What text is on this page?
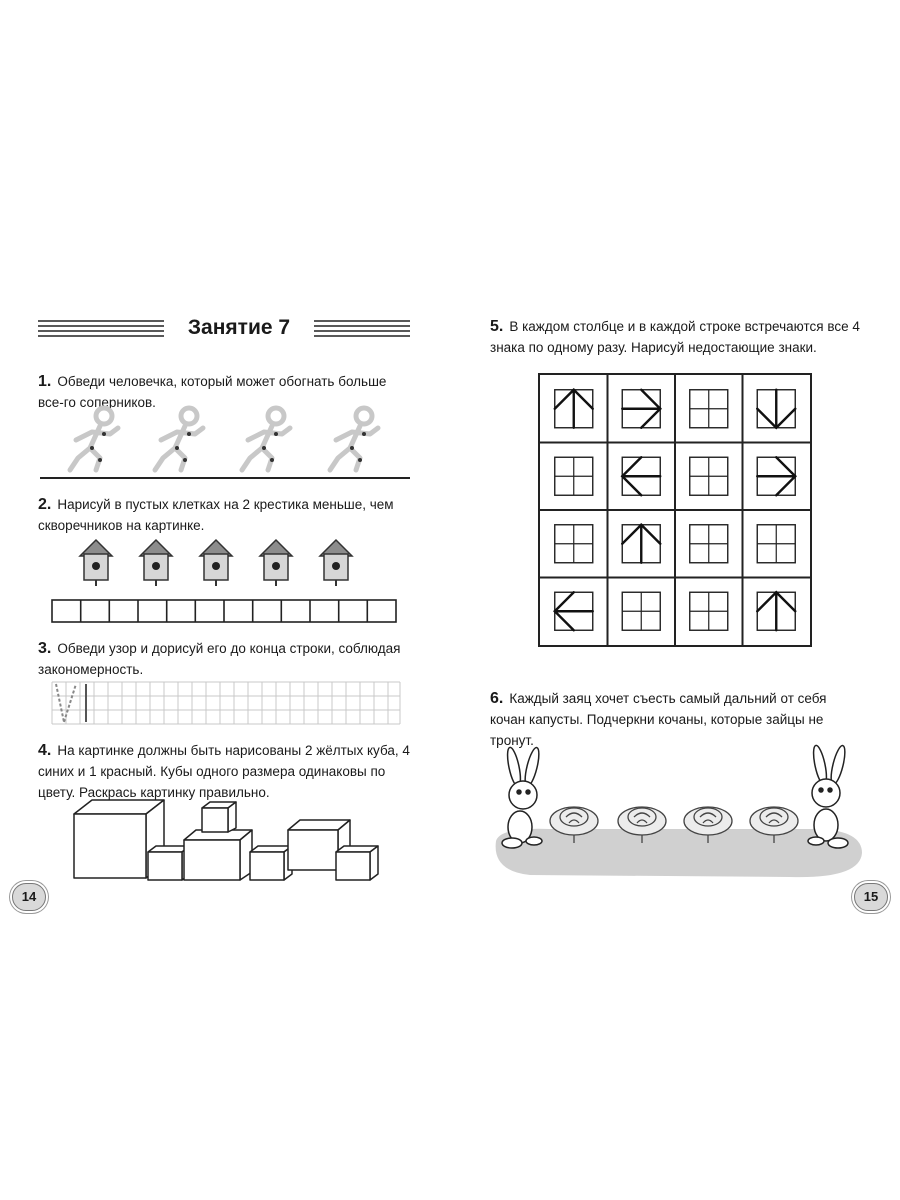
Занятие 7
1. Обведи человечка, который может обогнать больше все-го соперников.
2. Нарисуй в пустых клетках на 2 крестика меньше, чем скворечников на картинке.
3. Обведи узор и дорисуй его до конца строки, соблюдая закономерность.
4. На картинке должны быть нарисованы 2 жёлтых куба, 4 синих и 1 красный. Кубы одного размера одинаковы по цвету. Раскрась картинку правильно.
5. В каждом столбце и в каждой строке встречаются все 4 знака по одному разу. Нарисуй недостающие знаки.
6. Каждый заяц хочет съесть самый дальний от себя кочан капусты. Подчеркни кочаны, которые зайцы не тронут.
14	15
